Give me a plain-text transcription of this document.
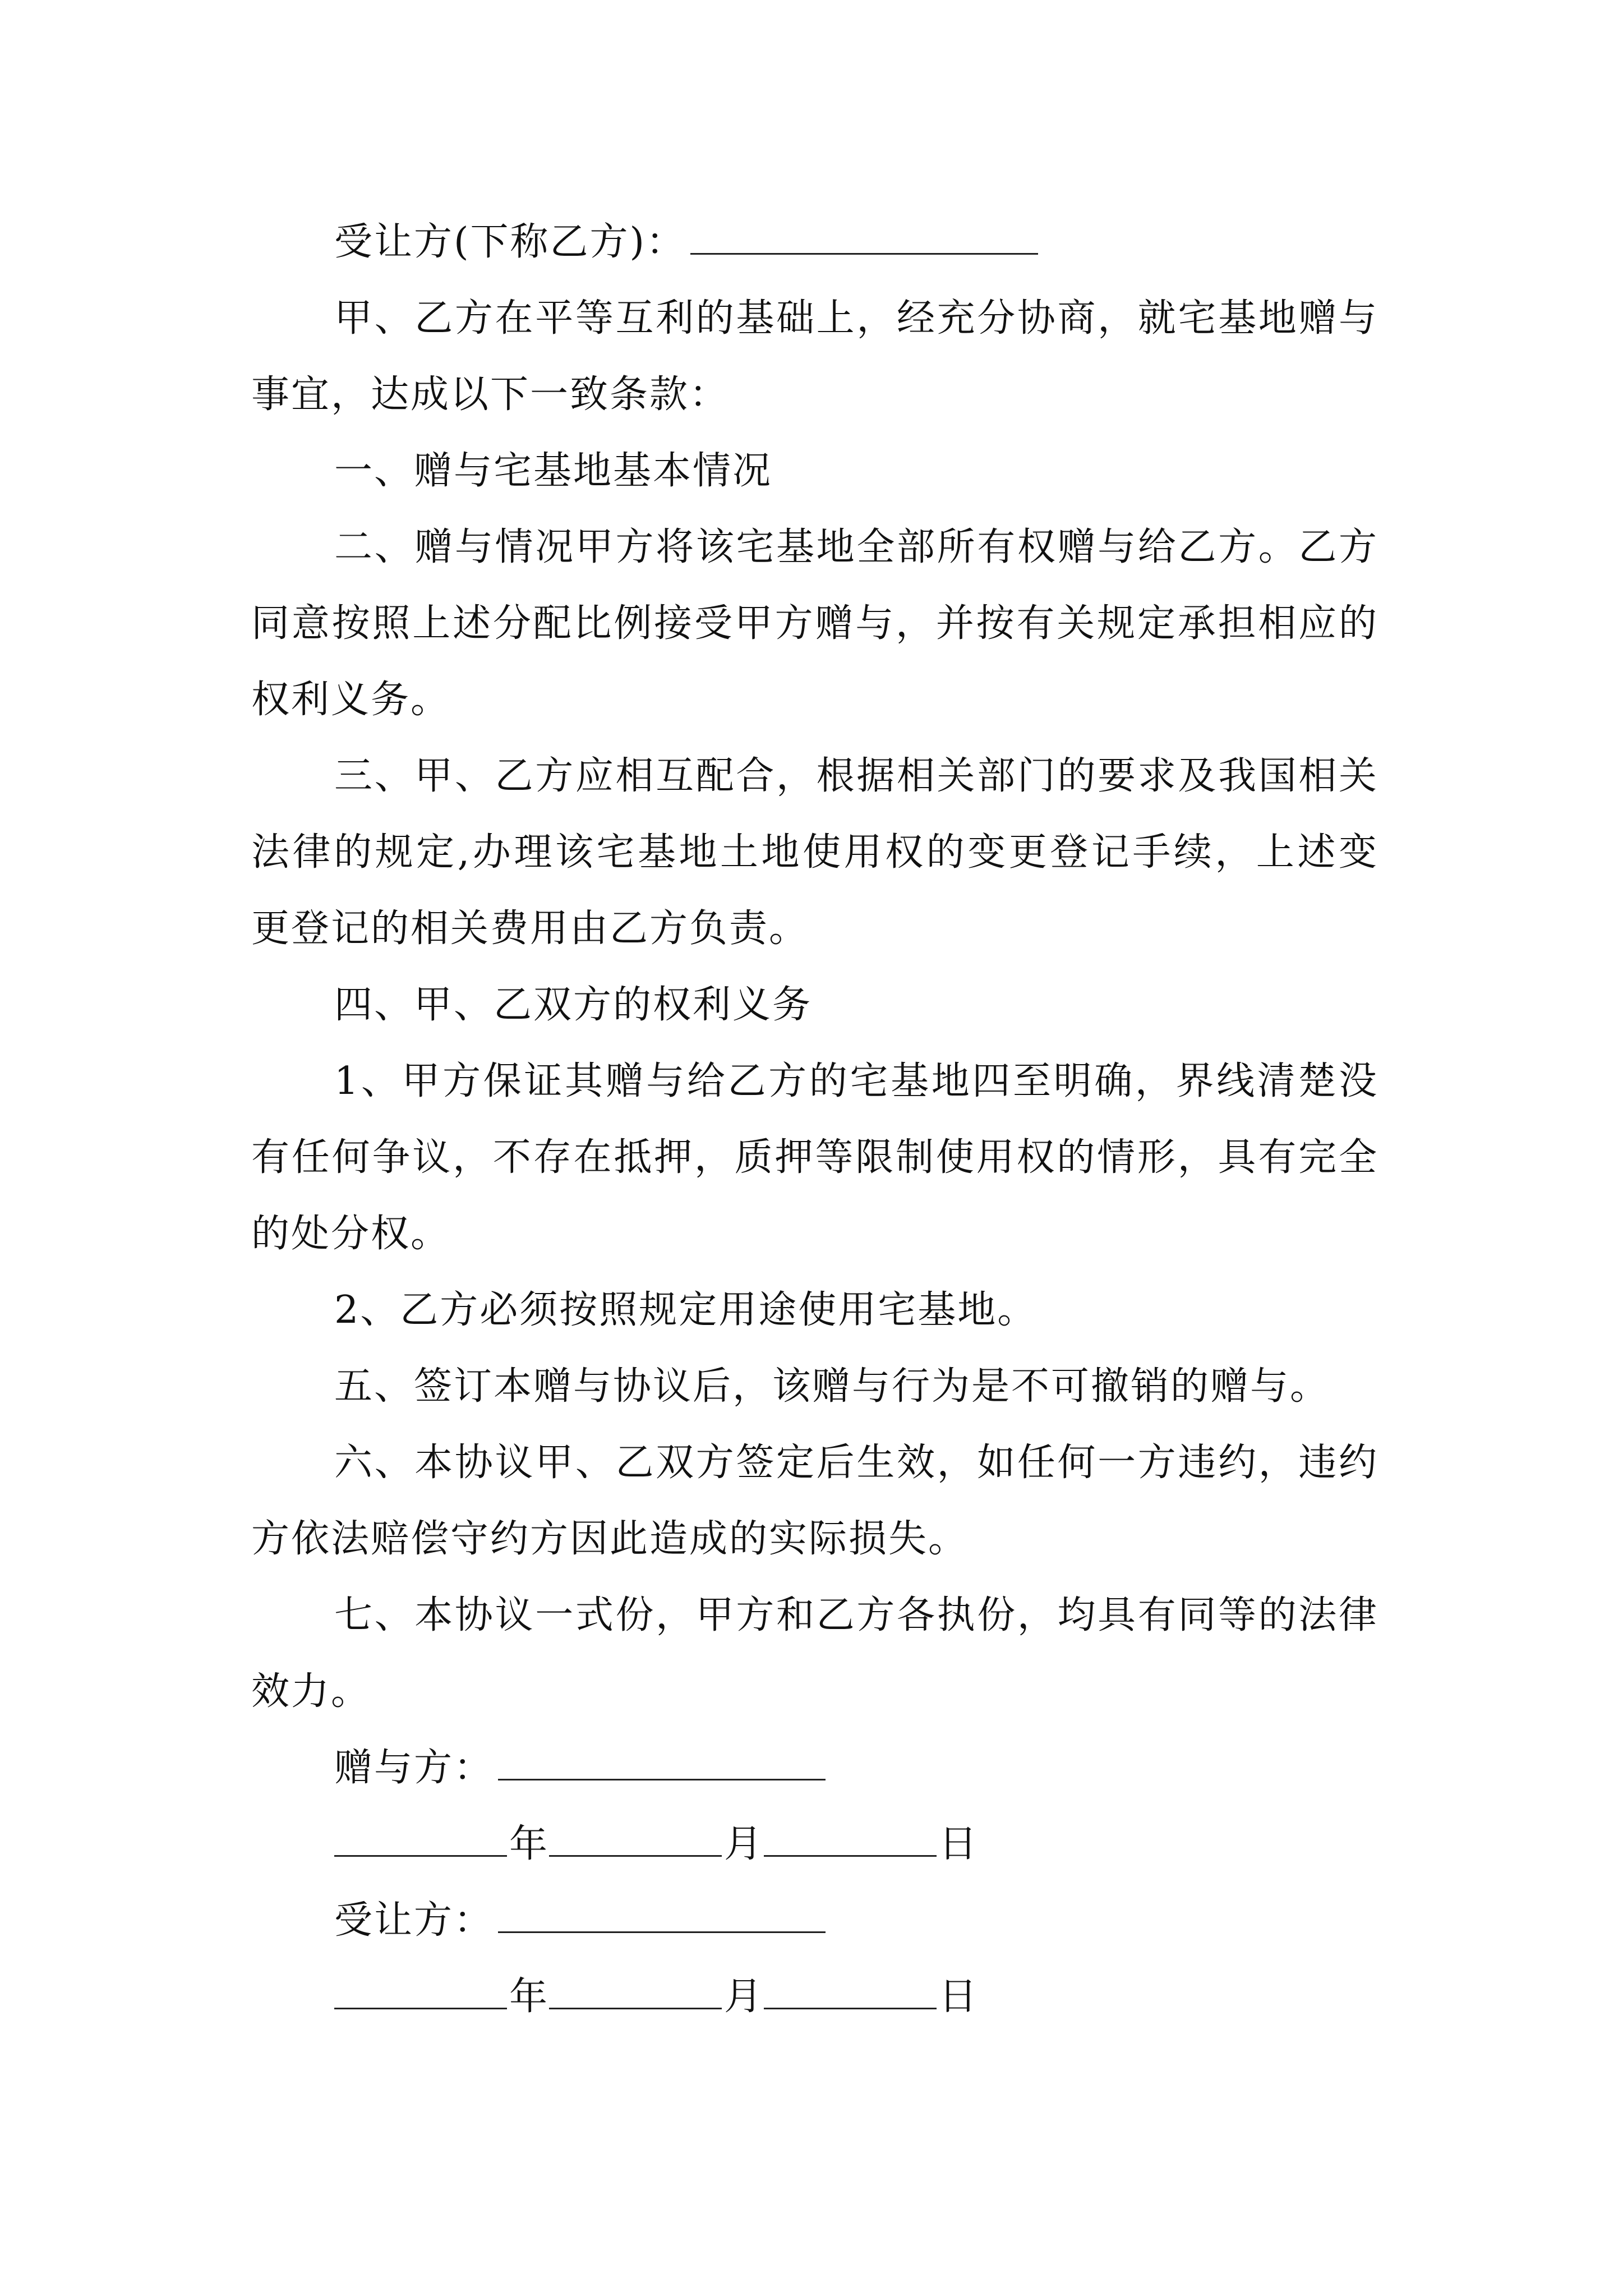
受让方(下称乙方)：

甲、乙方在平等互利的基础上，经充分协商，就宅基地赠与事宜，达成以下一致条款：

一、赠与宅基地基本情况

二、赠与情况甲方将该宅基地全部所有权赠与给乙方。乙方同意按照上述分配比例接受甲方赠与，并按有关规定承担相应的权利义务。

三、甲、乙方应相互配合，根据相关部门的要求及我国相关法律的规定,办理该宅基地土地使用权的变更登记手续，上述变更登记的相关费用由乙方负责。

四、甲、乙双方的权利义务

1、甲方保证其赠与给乙方的宅基地四至明确，界线清楚没有任何争议，不存在抵押，质押等限制使用权的情形，具有完全的处分权。

2、乙方必须按照规定用途使用宅基地。

五、签订本赠与协议后，该赠与行为是不可撤销的赠与。

六、本协议甲、乙双方签定后生效，如任何一方违约，违约方依法赔偿守约方因此造成的实际损失。

七、本协议一式份，甲方和乙方各执份，均具有同等的法律效力。

赠与方：
年	月	日
受让方：
年	月	日
